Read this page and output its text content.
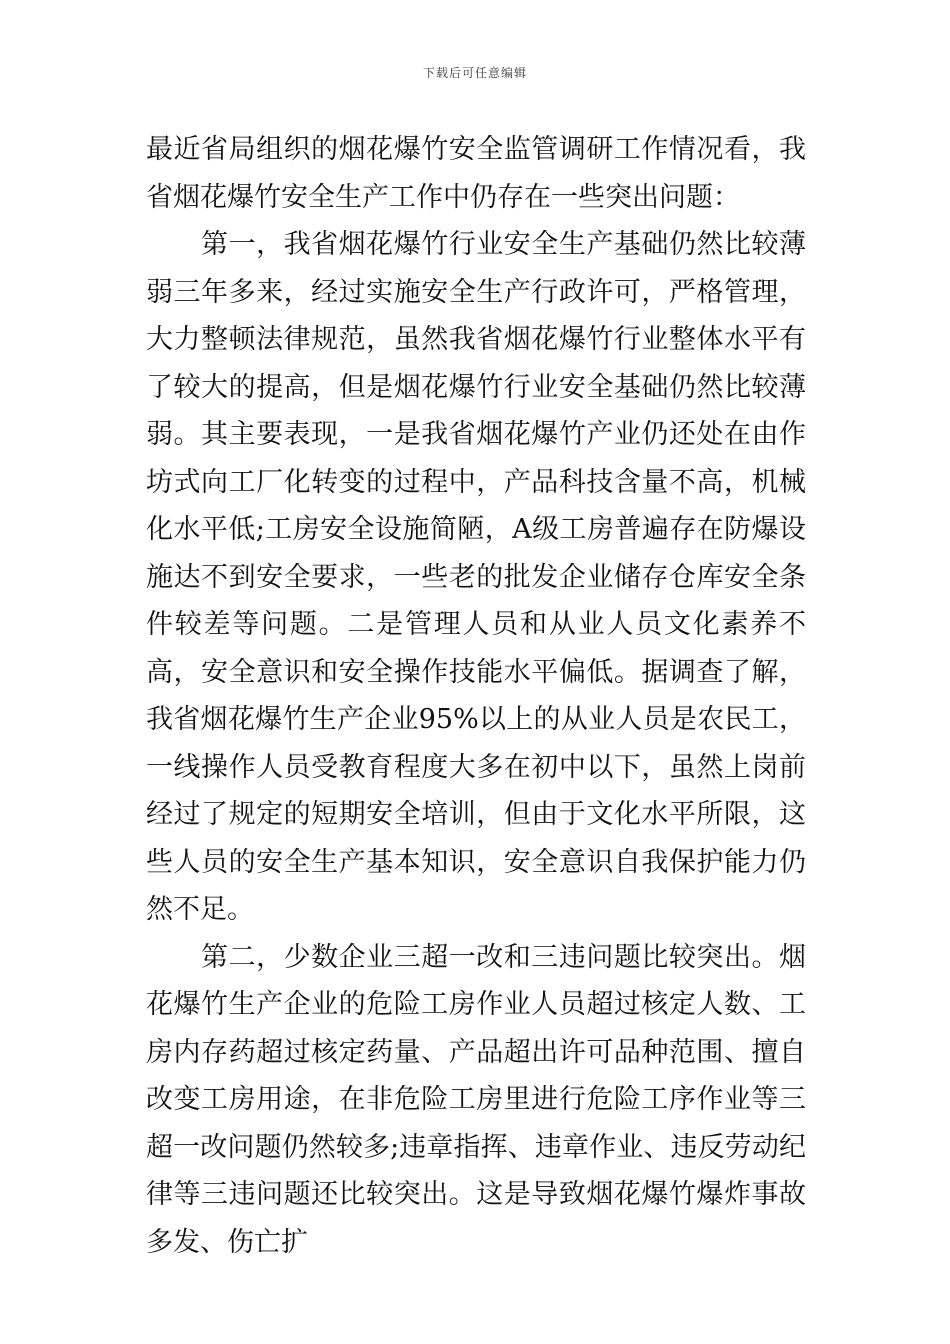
下载后可任意编辑

最近省局组织的烟花爆竹安全监管调研工作情况看，我省烟花爆竹安全生产工作中仍存在一些突出问题：

　　第一，我省烟花爆竹行业安全生产基础仍然比较薄弱三年多来，经过实施安全生产行政许可，严格管理，大力整顿法律规范，虽然我省烟花爆竹行业整体水平有了较大的提高，但是烟花爆竹行业安全基础仍然比较薄弱。其主要表现，一是我省烟花爆竹产业仍还处在由作坊式向工厂化转变的过程中，产品科技含量不高，机械化水平低;工房安全设施简陋，A级工房普遍存在防爆设施达不到安全要求，一些老的批发企业储存仓库安全条件较差等问题。二是管理人员和从业人员文化素养不高，安全意识和安全操作技能水平偏低。据调查了解，我省烟花爆竹生产企业95%以上的从业人员是农民工，一线操作人员受教育程度大多在初中以下，虽然上岗前经过了规定的短期安全培训，但由于文化水平所限，这些人员的安全生产基本知识，安全意识自我保护能力仍然不足。

　　第二，少数企业三超一改和三违问题比较突出。烟花爆竹生产企业的危险工房作业人员超过核定人数、工房内存药超过核定药量、产品超出许可品种范围、擅自改变工房用途，在非危险工房里进行危险工序作业等三超一改问题仍然较多;违章指挥、违章作业、违反劳动纪律等三违问题还比较突出。这是导致烟花爆竹爆炸事故多发、伤亡扩
